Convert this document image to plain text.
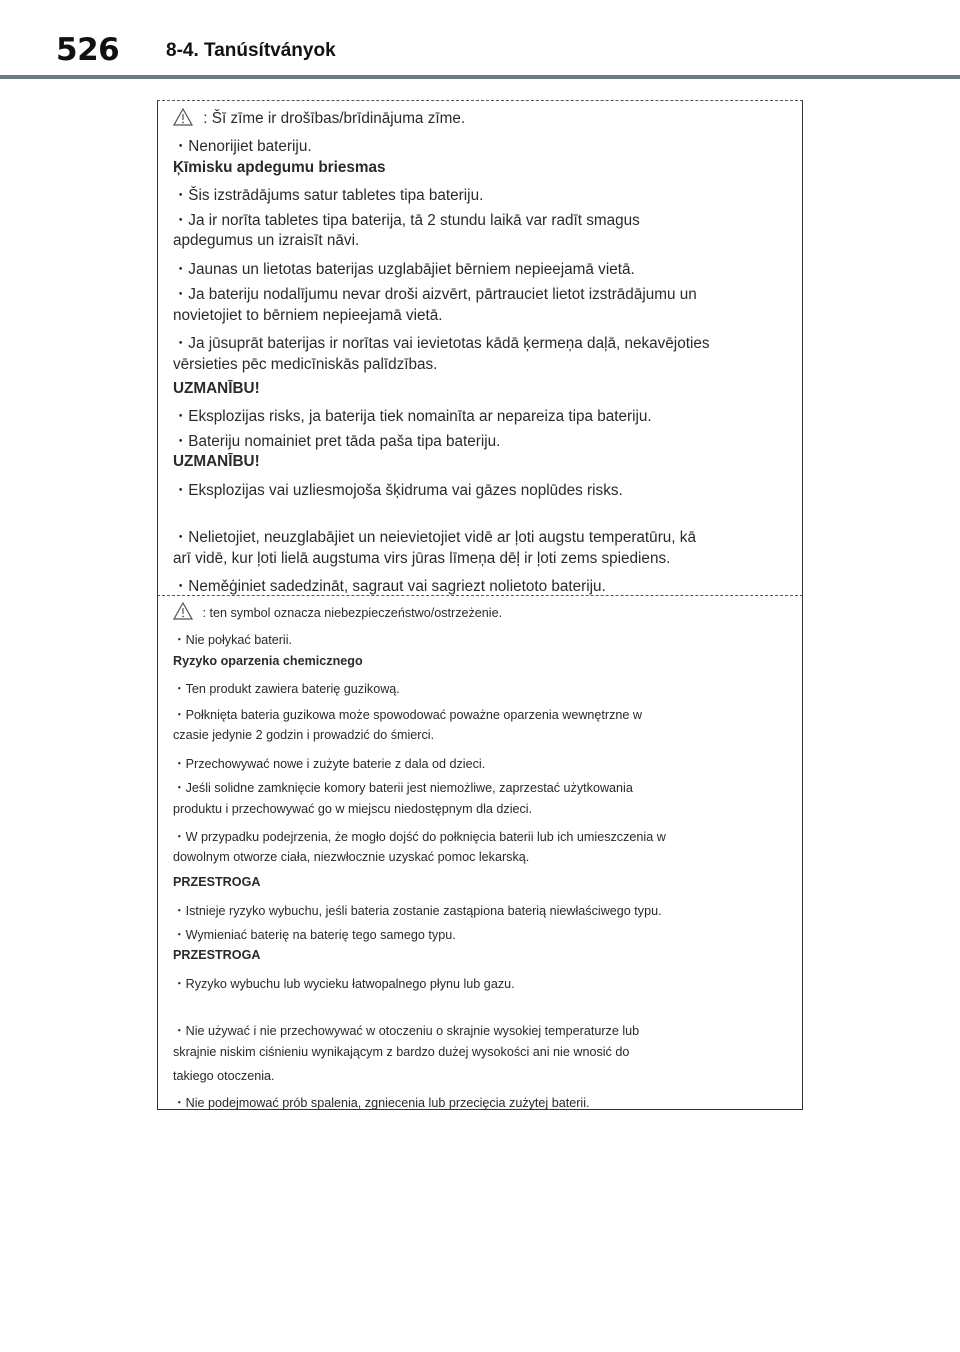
526 8-4. Tanúsítványok
: Šī zīme ir drošības/brīdinājuma zīme.
・Nenorijiet bateriju.
Ķīmisku apdegumu briesmas
・Šis izstrādājums satur tabletes tipa bateriju.
・Ja ir norīta tabletes tipa baterija, tā 2 stundu laikā var radīt smagus
apdegumus un izraisīt nāvi.
・Jaunas un lietotas baterijas uzglabājiet bērniem nepieejamā vietā.
・Ja bateriju nodalījumu nevar droši aizvērt, pārtrauciet lietot izstrādājumu un
novietojiet to bērniem nepieejamā vietā.
・Ja jūsuprāt baterijas ir norītas vai ievietotas kādā ķermeņa daļā, nekavējoties
vērsieties pēc medicīniskās palīdzības.
UZMANĪBU!
・Eksplozijas risks, ja baterija tiek nomainīta ar nepareiza tipa bateriju.
・Bateriju nomainiet pret tāda paša tipa bateriju.
UZMANĪBU!
・Eksplozijas vai uzliesmojoša šķidruma vai gāzes noplūdes risks.
・Nelietojiet, neuzglabājiet un neievietojiet vidē ar ļoti augstu temperatūru, kā
arī vidē, kur ļoti lielā augstuma virs jūras līmeņa dēļ ir ļoti zems spiediens.
・Neměģiniet sadedzināt, sagraut vai sagriezt nolietoto bateriju.
: ten symbol oznacza niebezpieczeństwo/ostrzeżenie.
・Nie połykać baterii.
Ryzyko oparzenia chemicznego
・Ten produkt zawiera baterię guzikową.
・Połknięta bateria guzikowa może spowodować poważne oparzenia wewnętrzne w
czasie jedynie 2 godzin i prowadzić do śmierci.
・Przechowywać nowe i zużyte baterie z dala od dzieci.
・Jeśli solidne zamknięcie komory baterii jest niemożliwe, zaprzestać użytkowania
produktu i przechowywać go w miejscu niedostępnym dla dzieci.
・W przypadku podejrzenia, że mogło dojść do połknięcia baterii lub ich umieszczenia w
dowolnym otworze ciała, niezwłocznie uzyskać pomoc lekarską.
PRZESTROGA
・Istnieje ryzyko wybuchu, jeśli bateria zostanie zastąpiona baterią niewłaściwego typu.
・Wymieniać baterię na baterię tego samego typu.
PRZESTROGA
・Ryzyko wybuchu lub wycieku łatwopalnego płynu lub gazu.
・Nie używać i nie przechowywać w otoczeniu o skrajnie wysokiej temperaturze lub
skrajnie niskim ciśnieniu wynikającym z bardzo dużej wysokości ani nie wnosić do
takiego otoczenia.
・Nie podejmować prób spalenia, zgniecenia lub przecięcia zużytej baterii.
